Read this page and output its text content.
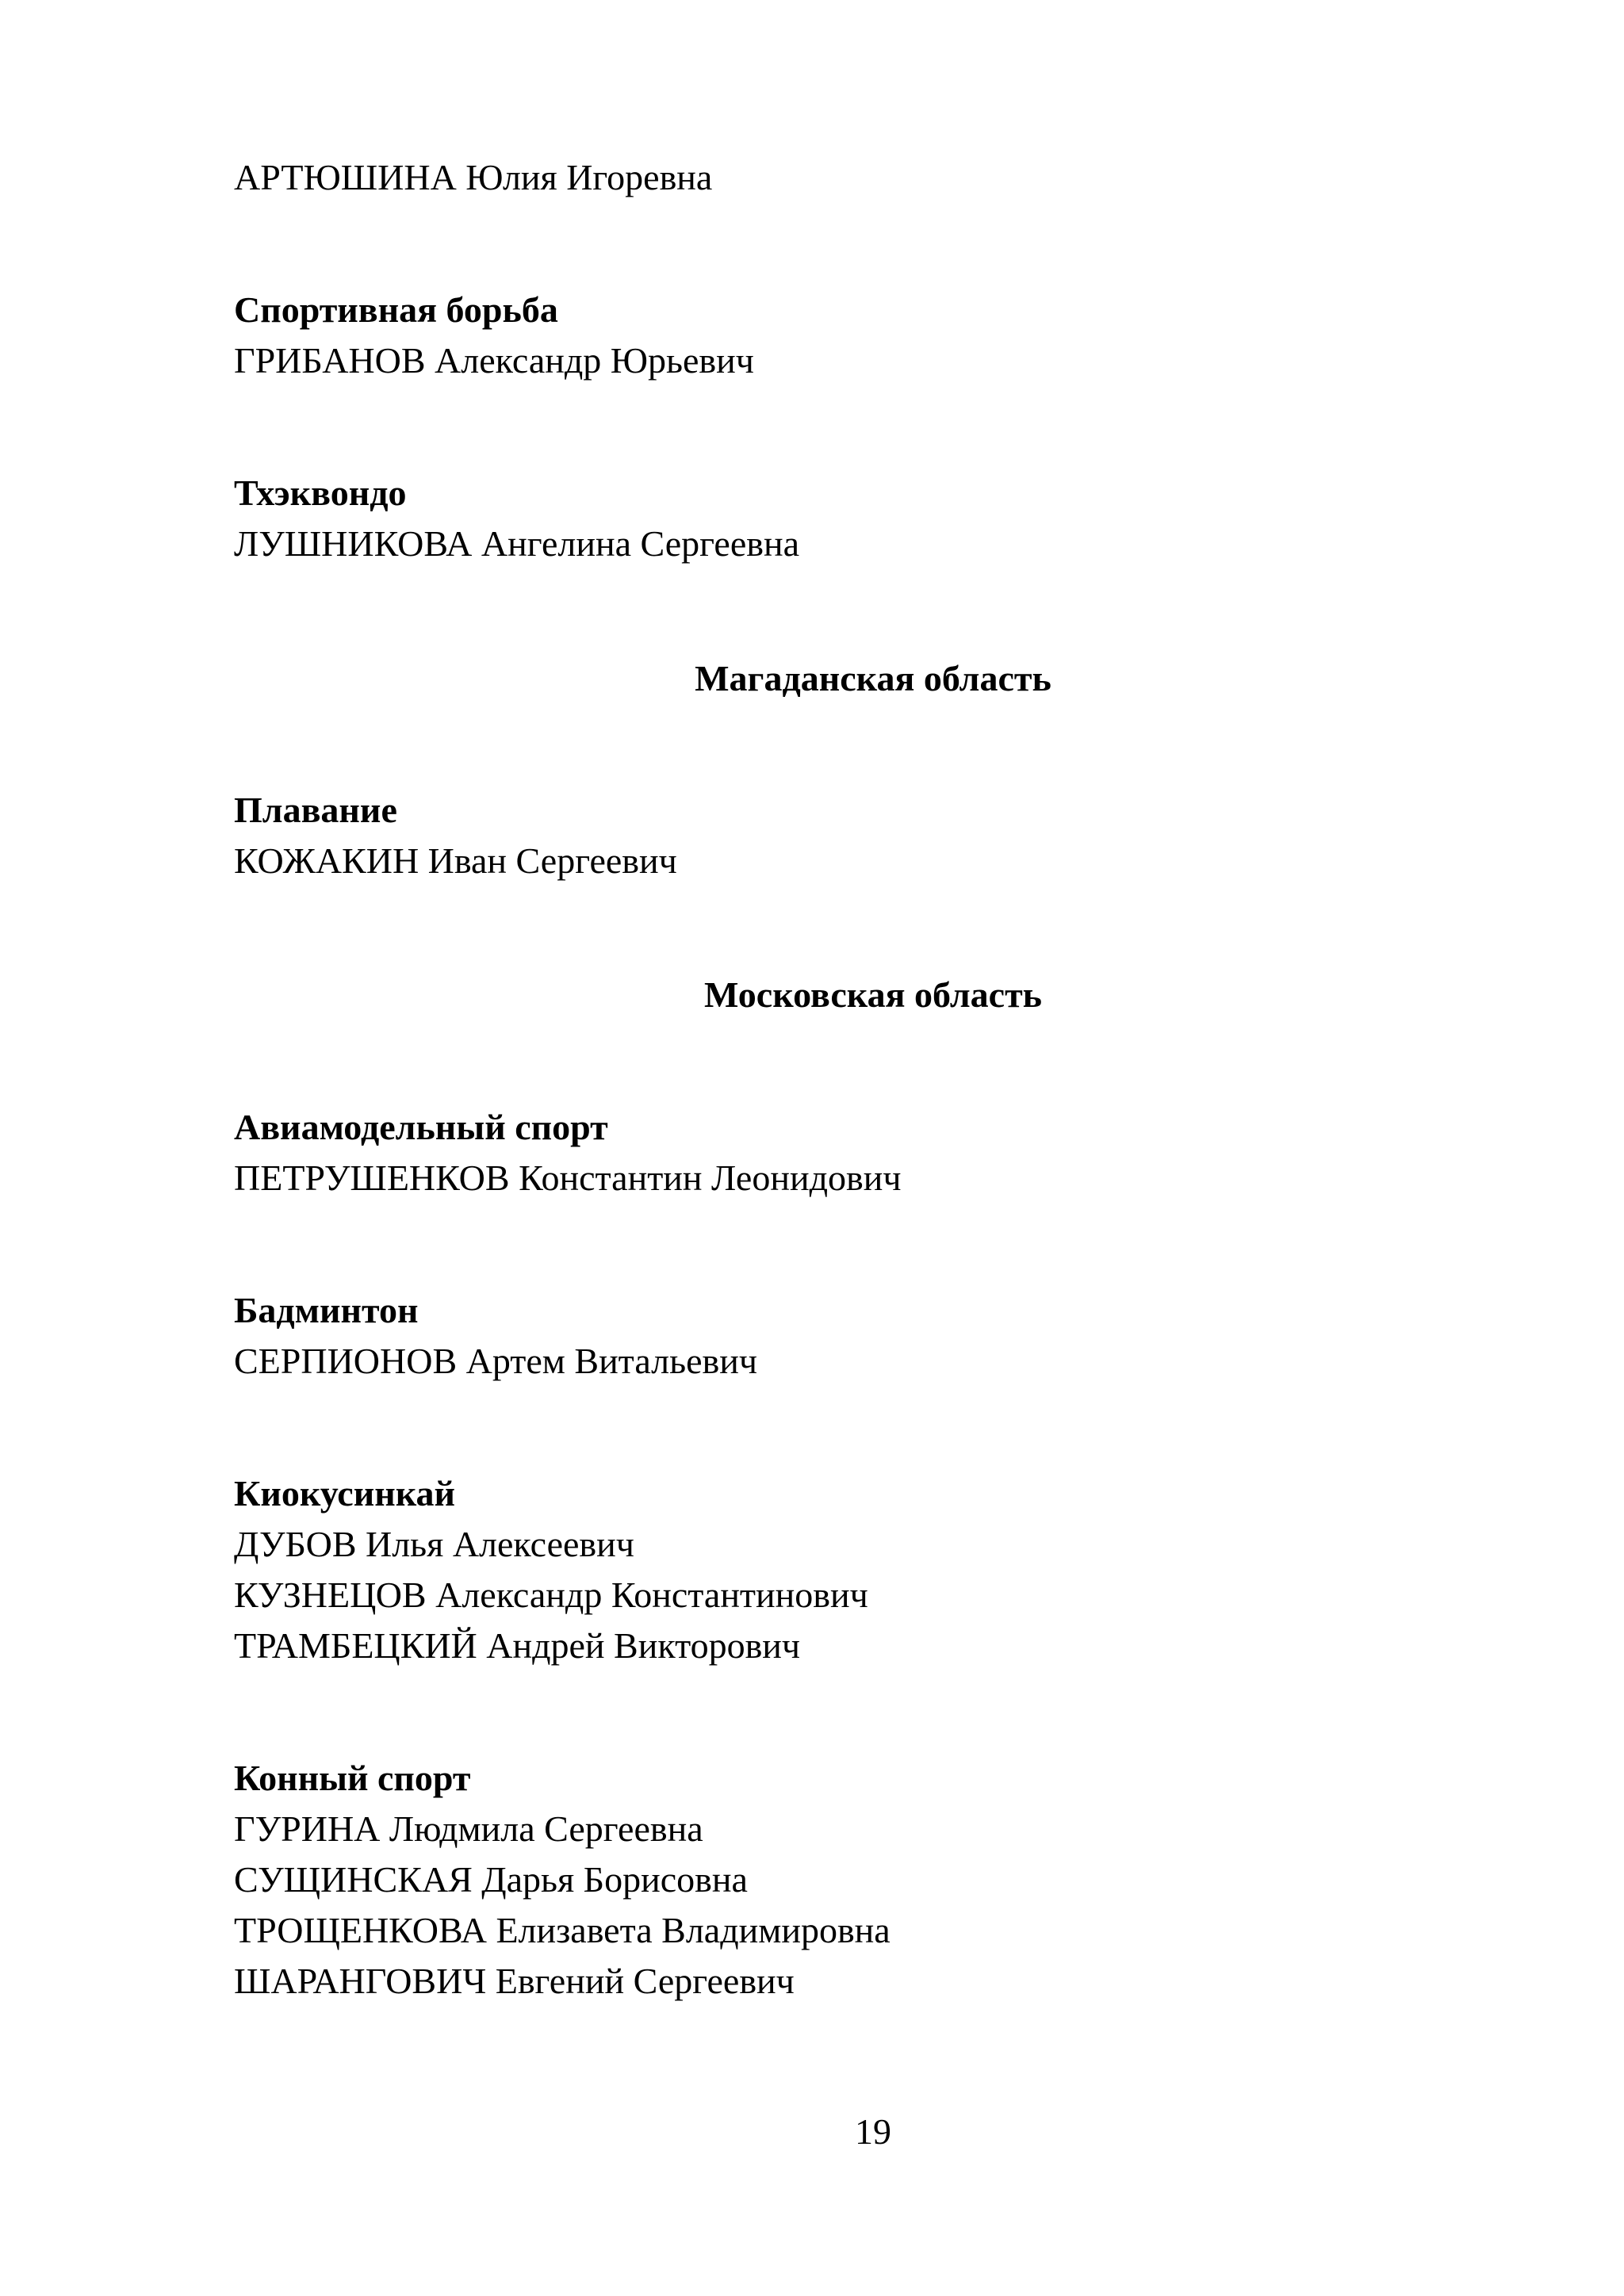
АРТЮШИНА Юлия Игоревна
Спортивная борьба
ГРИБАНОВ Александр Юрьевич
Тхэквондо
ЛУШНИКОВА Ангелина Сергеевна
Магаданская область
Плавание
КОЖАКИН Иван Сергеевич
Московская область
Авиамодельный спорт
ПЕТРУШЕНКОВ Константин Леонидович
Бадминтон
СЕРПИОНОВ Артем Витальевич
Киокусинкай
ДУБОВ Илья Алексеевич
КУЗНЕЦОВ Александр Константинович
ТРАМБЕЦКИЙ Андрей Викторович
Конный спорт
ГУРИНА Людмила Сергеевна
СУЩИНСКАЯ Дарья Борисовна
ТРОЩЕНКОВА Елизавета Владимировна
ШАРАНГОВИЧ Евгений Сергеевич
19
